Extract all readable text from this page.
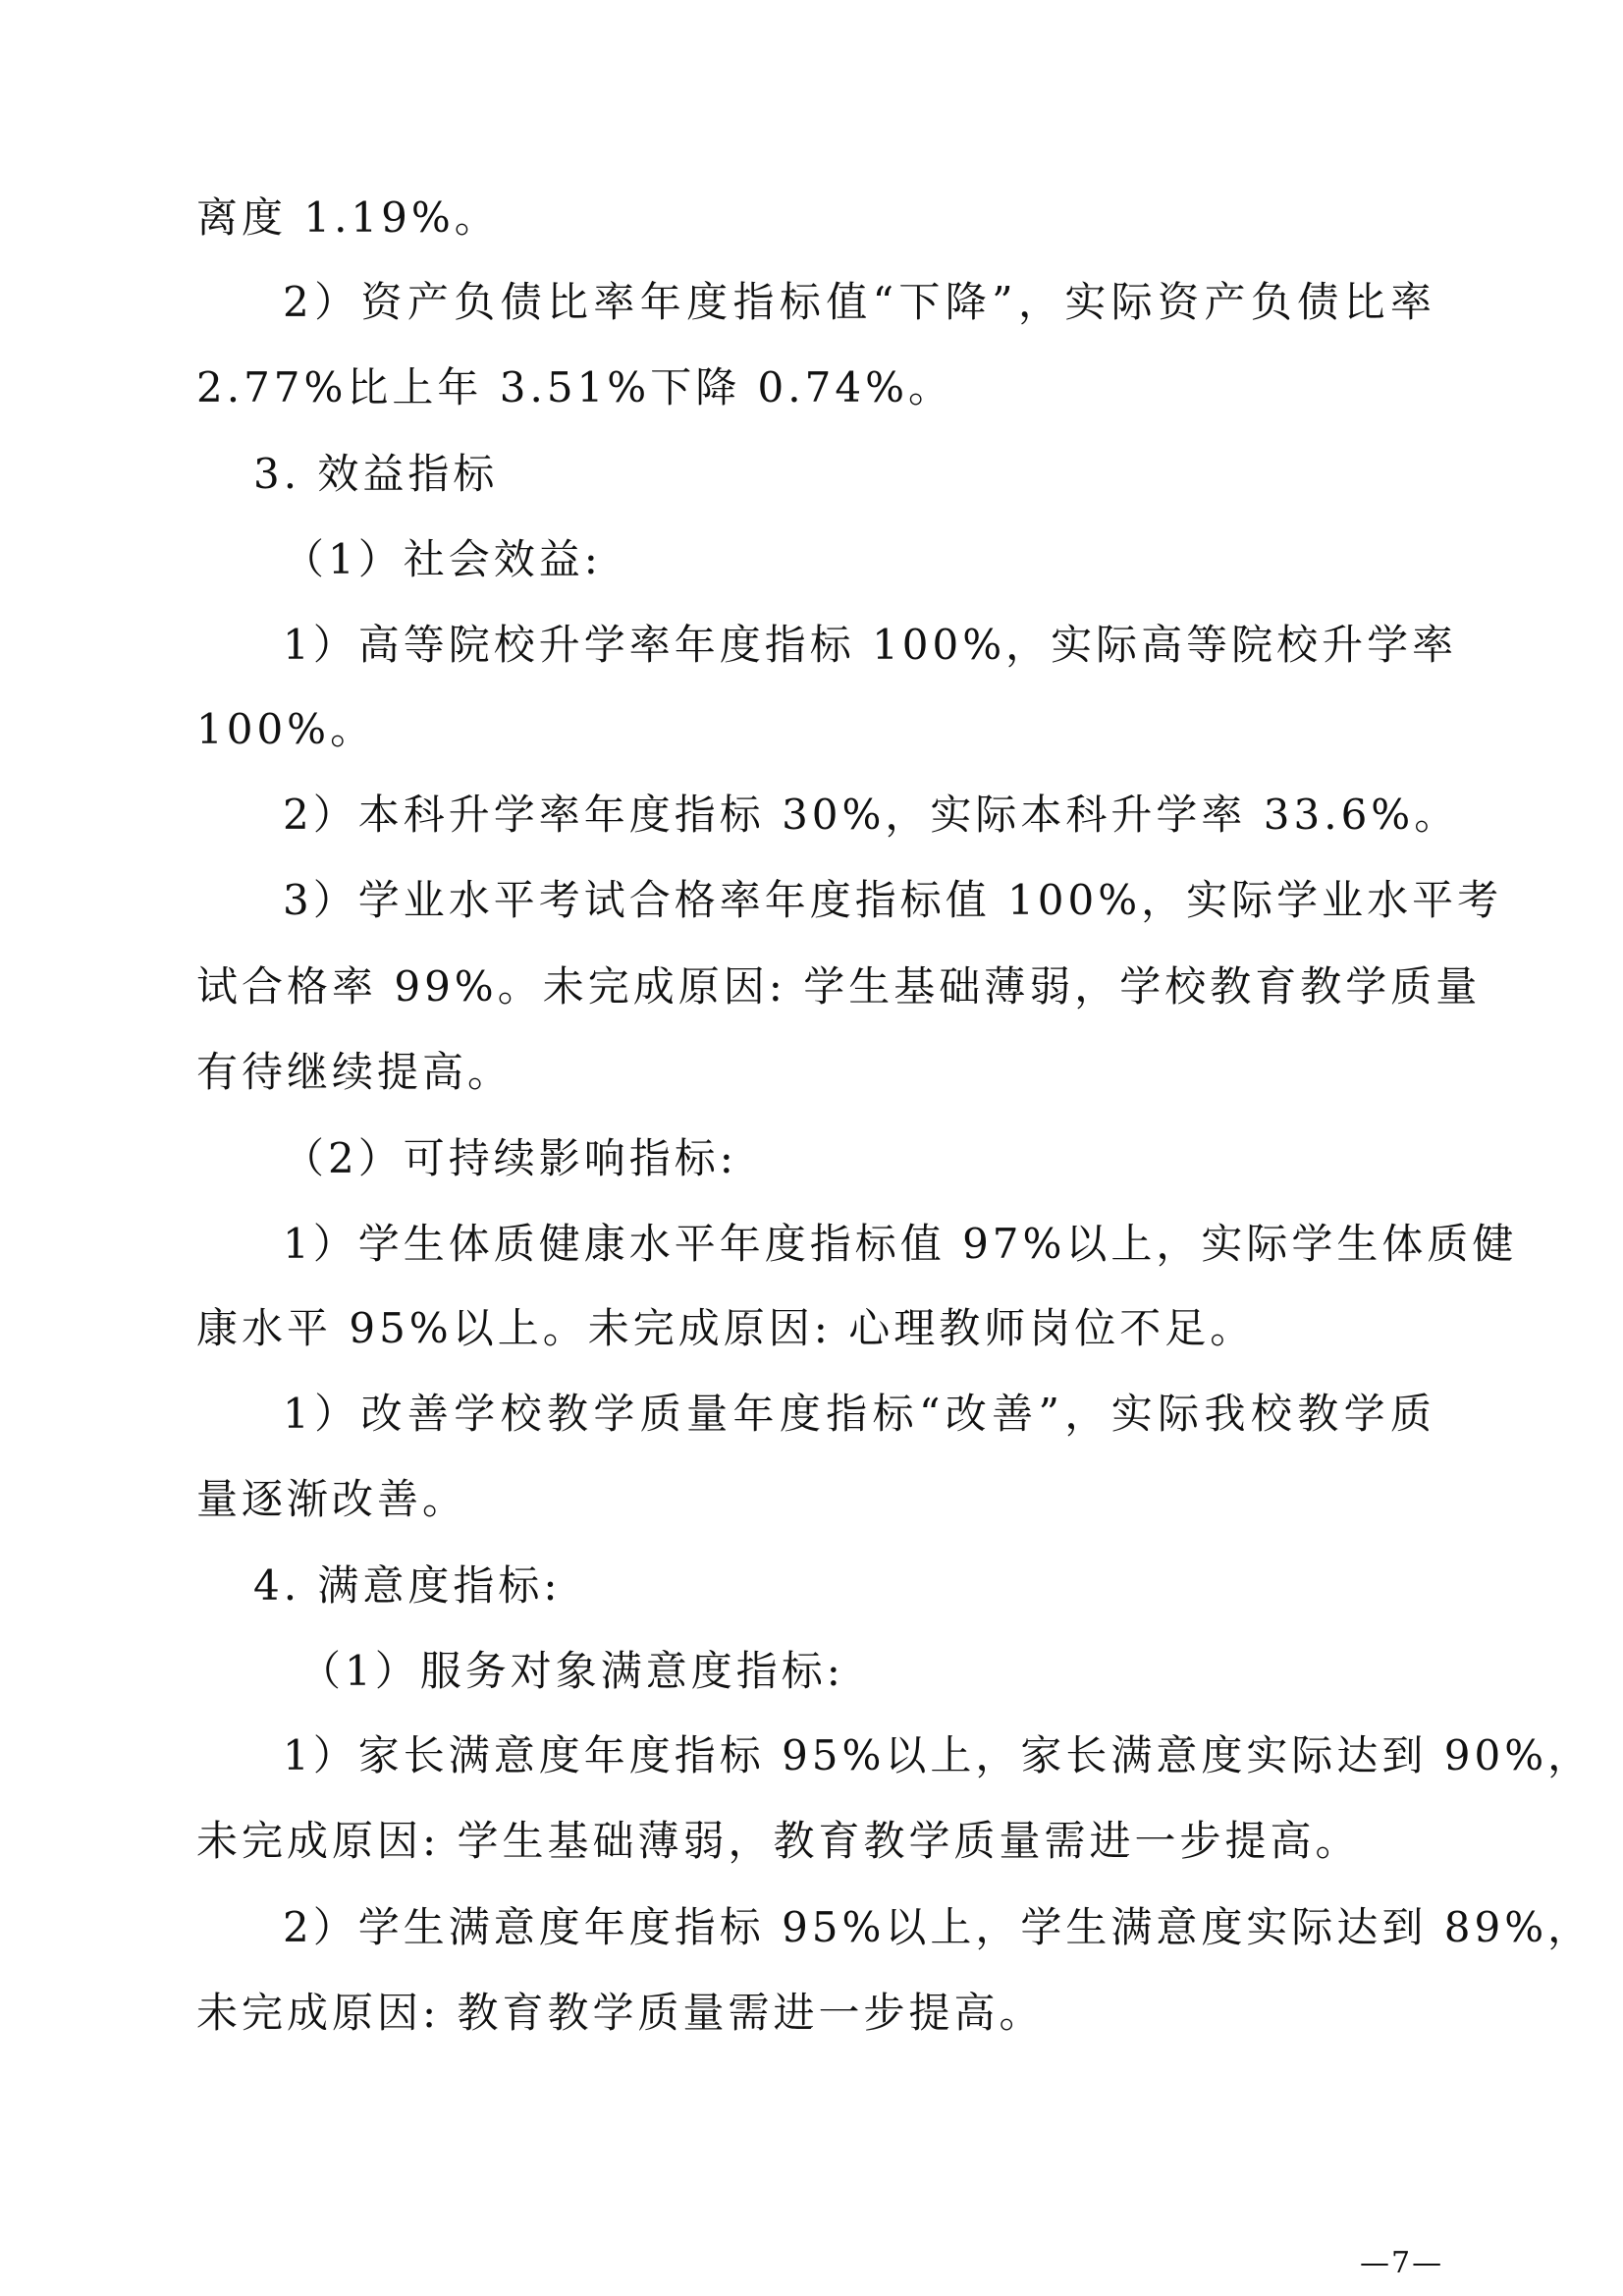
离度 1.19%。
2）资产负债比率年度指标值“下降”，实际资产负债比率
2.77%比上年 3.51%下降 0.74%。
3. 效益指标
（1）社会效益:
1）高等院校升学率年度指标 100%，实际高等院校升学率
100%。
2）本科升学率年度指标 30%，实际本科升学率 33.6%。
3）学业水平考试合格率年度指标值 100%，实际学业水平考
试合格率 99%。未完成原因: 学生基础薄弱，学校教育教学质量
有待继续提高。
（2）可持续影响指标:
1）学生体质健康水平年度指标值 97%以上，实际学生体质健
康水平 95%以上。未完成原因: 心理教师岗位不足。
1）改善学校教学质量年度指标“改善”，实际我校教学质
量逐渐改善。
4. 满意度指标:
（1）服务对象满意度指标:
1）家长满意度年度指标 95%以上，家长满意度实际达到 90%，
未完成原因: 学生基础薄弱，教育教学质量需进一步提高。
2）学生满意度年度指标 95%以上，学生满意度实际达到 89%，
未完成原因: 教育教学质量需进一步提高。
—7—
